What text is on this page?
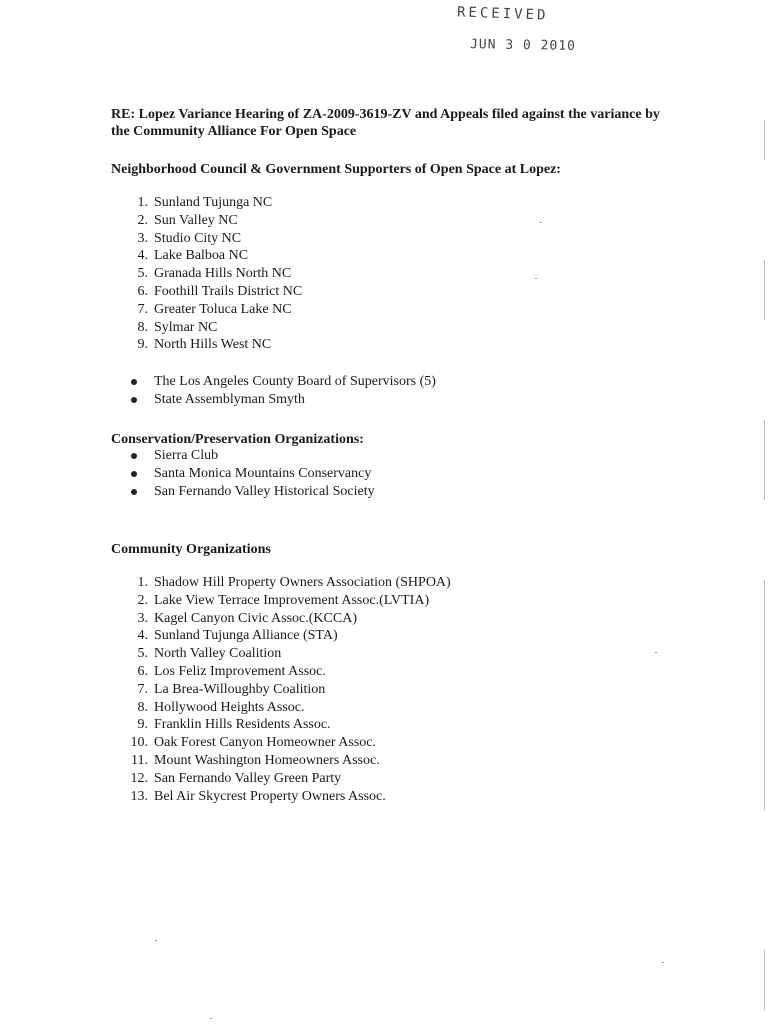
RECEIVED
JUN 3 0 2010
RE: Lopez Variance Hearing of ZA-2009-3619-ZV and Appeals filed against the variance by the Community Alliance For Open Space
Neighborhood Council & Government Supporters of Open Space at Lopez:
1. Sunland Tujunga NC
2. Sun Valley NC
3. Studio City NC
4. Lake Balboa NC
5. Granada Hills North NC
6. Foothill Trails District NC
7. Greater Toluca Lake NC
8. Sylmar NC
9. North Hills West NC
The Los Angeles County Board of Supervisors (5)
State Assemblyman Smyth
Conservation/Preservation Organizations:
Sierra Club
Santa Monica Mountains Conservancy
San Fernando Valley Historical Society
Community Organizations
1. Shadow Hill Property Owners Association (SHPOA)
2. Lake View Terrace Improvement Assoc.(LVTIA)
3. Kagel Canyon Civic Assoc.(KCCA)
4. Sunland Tujunga Alliance (STA)
5. North Valley Coalition
6. Los Feliz Improvement Assoc.
7. La Brea-Willoughby Coalition
8. Hollywood Heights Assoc.
9. Franklin Hills Residents Assoc.
10. Oak Forest Canyon Homeowner Assoc.
11. Mount Washington Homeowners Assoc.
12. San Fernando Valley Green Party
13. Bel Air Skycrest Property Owners Assoc.
